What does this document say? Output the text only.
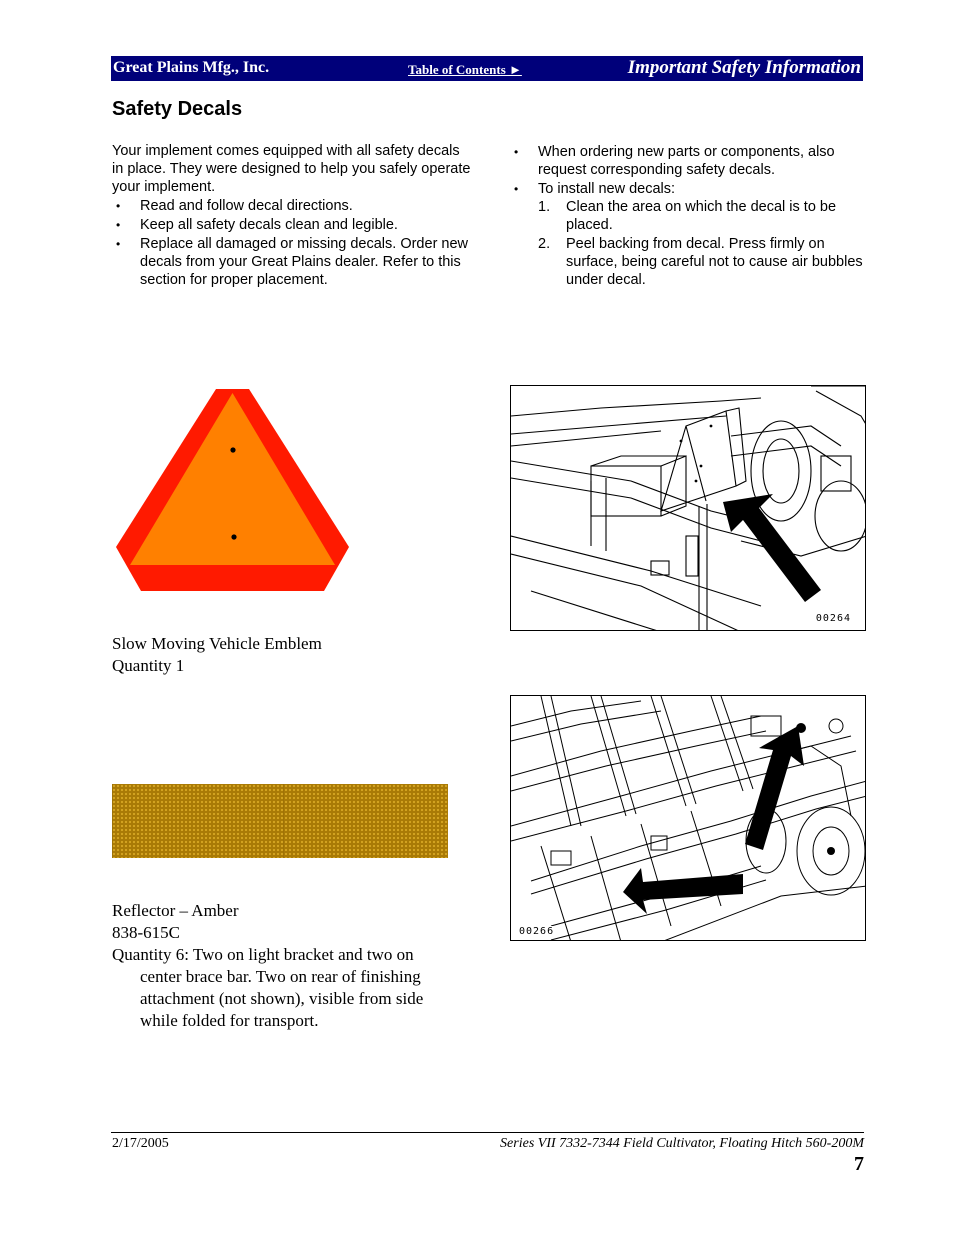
Great Plains Mfg., Inc.	Table of Contents ►	Important Safety Information
Safety Decals

Your implement comes equipped with all safety decals in place. They were designed to help you safely operate your implement.

• Read and follow decal directions.
• Keep all safety decals clean and legible.
• Replace all damaged or missing decals. Order new decals from your Great Plains dealer. Refer to this section for proper placement.
• When ordering new parts or components, also request corresponding safety decals.
• To install new decals:
1. Clean the area on which the decal is to be placed.
2. Peel backing from decal. Press firmly on surface, being careful not to cause air bubbles under decal.
Slow Moving Vehicle Emblem
Quantity 1
Reflector – Amber
838-615C
Quantity 6: Two on light bracket and two on
center brace bar. Two on rear of finishing
attachment (not shown), visible from side
while folded for transport.
00264
00266
2/17/2005	Series VII 7332-7344 Field Cultivator, Floating Hitch 560-200M
7
